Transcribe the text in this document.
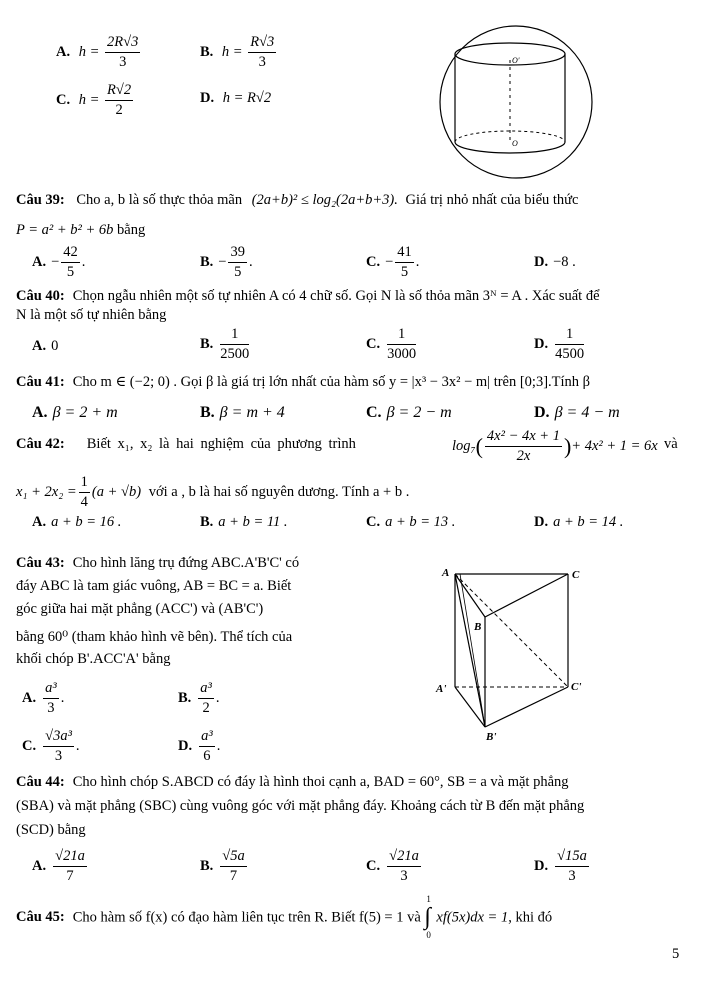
A. $h = \frac{2R√3}{3}$	B. $h = \frac{R√3}{3}$
C. $h = \frac{R√2}{2}$	D. h = R√2
O'
O
Câu 39: Cho a, b là số thực thỏa mãn (2a+b)² ≤ log₂(2a+b+3). Giá trị nhỏ nhất của biểu thức
P = a² + b² + 6b bằng
A. − $\frac{42}{5}$ .	B. − $\frac{39}{5}$ .	C. − $\frac{41}{5}$ .	D. −8 .
Câu 40: Chọn ngẫu nhiên một số tự nhiên A có 4 chữ số. Gọi N là số thỏa mãn 3ᴺ = A . Xác suất để
N là một số tự nhiên bằng
A. 0	B. $\frac{1}{2500}$	C. $\frac{1}{3000}$	D. $\frac{1}{4500}$
Câu 41: Cho m ∈ (−2; 0) . Gọi β là giá trị lớn nhất của hàm số y = |x³ − 3x² − m| trên [0;3].Tính β
A. β = 2 + m	B. β = m + 4	C. β = 2 − m	D. β = 4 − m
Câu 42: Biết x₁, x₂ là hai nghiệm của phương trình	$\log_7( \frac{\text{4x² − 4x + 1}}{2x}$ )+ 4x² + 1 = 6x và
$x_1 + 2x_2 = \frac{1}{4} (a + √b)$ với a , b là hai số nguyên dương. Tính a + b .
A. a + b = 16 .	B. a + b = 11 .	C. a + b = 13 .	D. a + b = 14 .
Câu 43: Cho hình lăng trụ đứng ABC.A'B'C' có
đáy ABC là tam giác vuông, AB = BC = a. Biết
góc giữa hai mặt phẳng (ACC') và (AB'C')
bằng 60⁰ (tham khảo hình vẽ bên). Thể tích của
khối chóp B'.ACC'A' bằng
A. $\frac{\text{a³}}{3}$ .	B. $\frac{\text{a³}}{2}$ .
C. $\frac{\text{√3a³}}{3}$ .	D. $\frac{\text{a³}}{6}$ .
A	C
B
A'	C'
B'
Câu 44: Cho hình chóp S.ABCD có đáy là hình thoi cạnh a, BAD = 60°, SB = a và mặt phẳng
(SBA) và mặt phẳng (SBC) cùng vuông góc với mặt phẳng đáy. Khoảng cách từ B đến mặt phẳng
(SCD) bằng
A. $\frac{√21a}{7}$	B. $\frac{√5a}{7}$	C. $\frac{√21a}{3}$	D. $\frac{√15a}{3}$
Câu 45: Cho hàm số f(x) có đạo hàm liên tục trên R. Biết f(5) = 1 và
1
∫
0
xf(5x)dx = 1, khi đó
5
